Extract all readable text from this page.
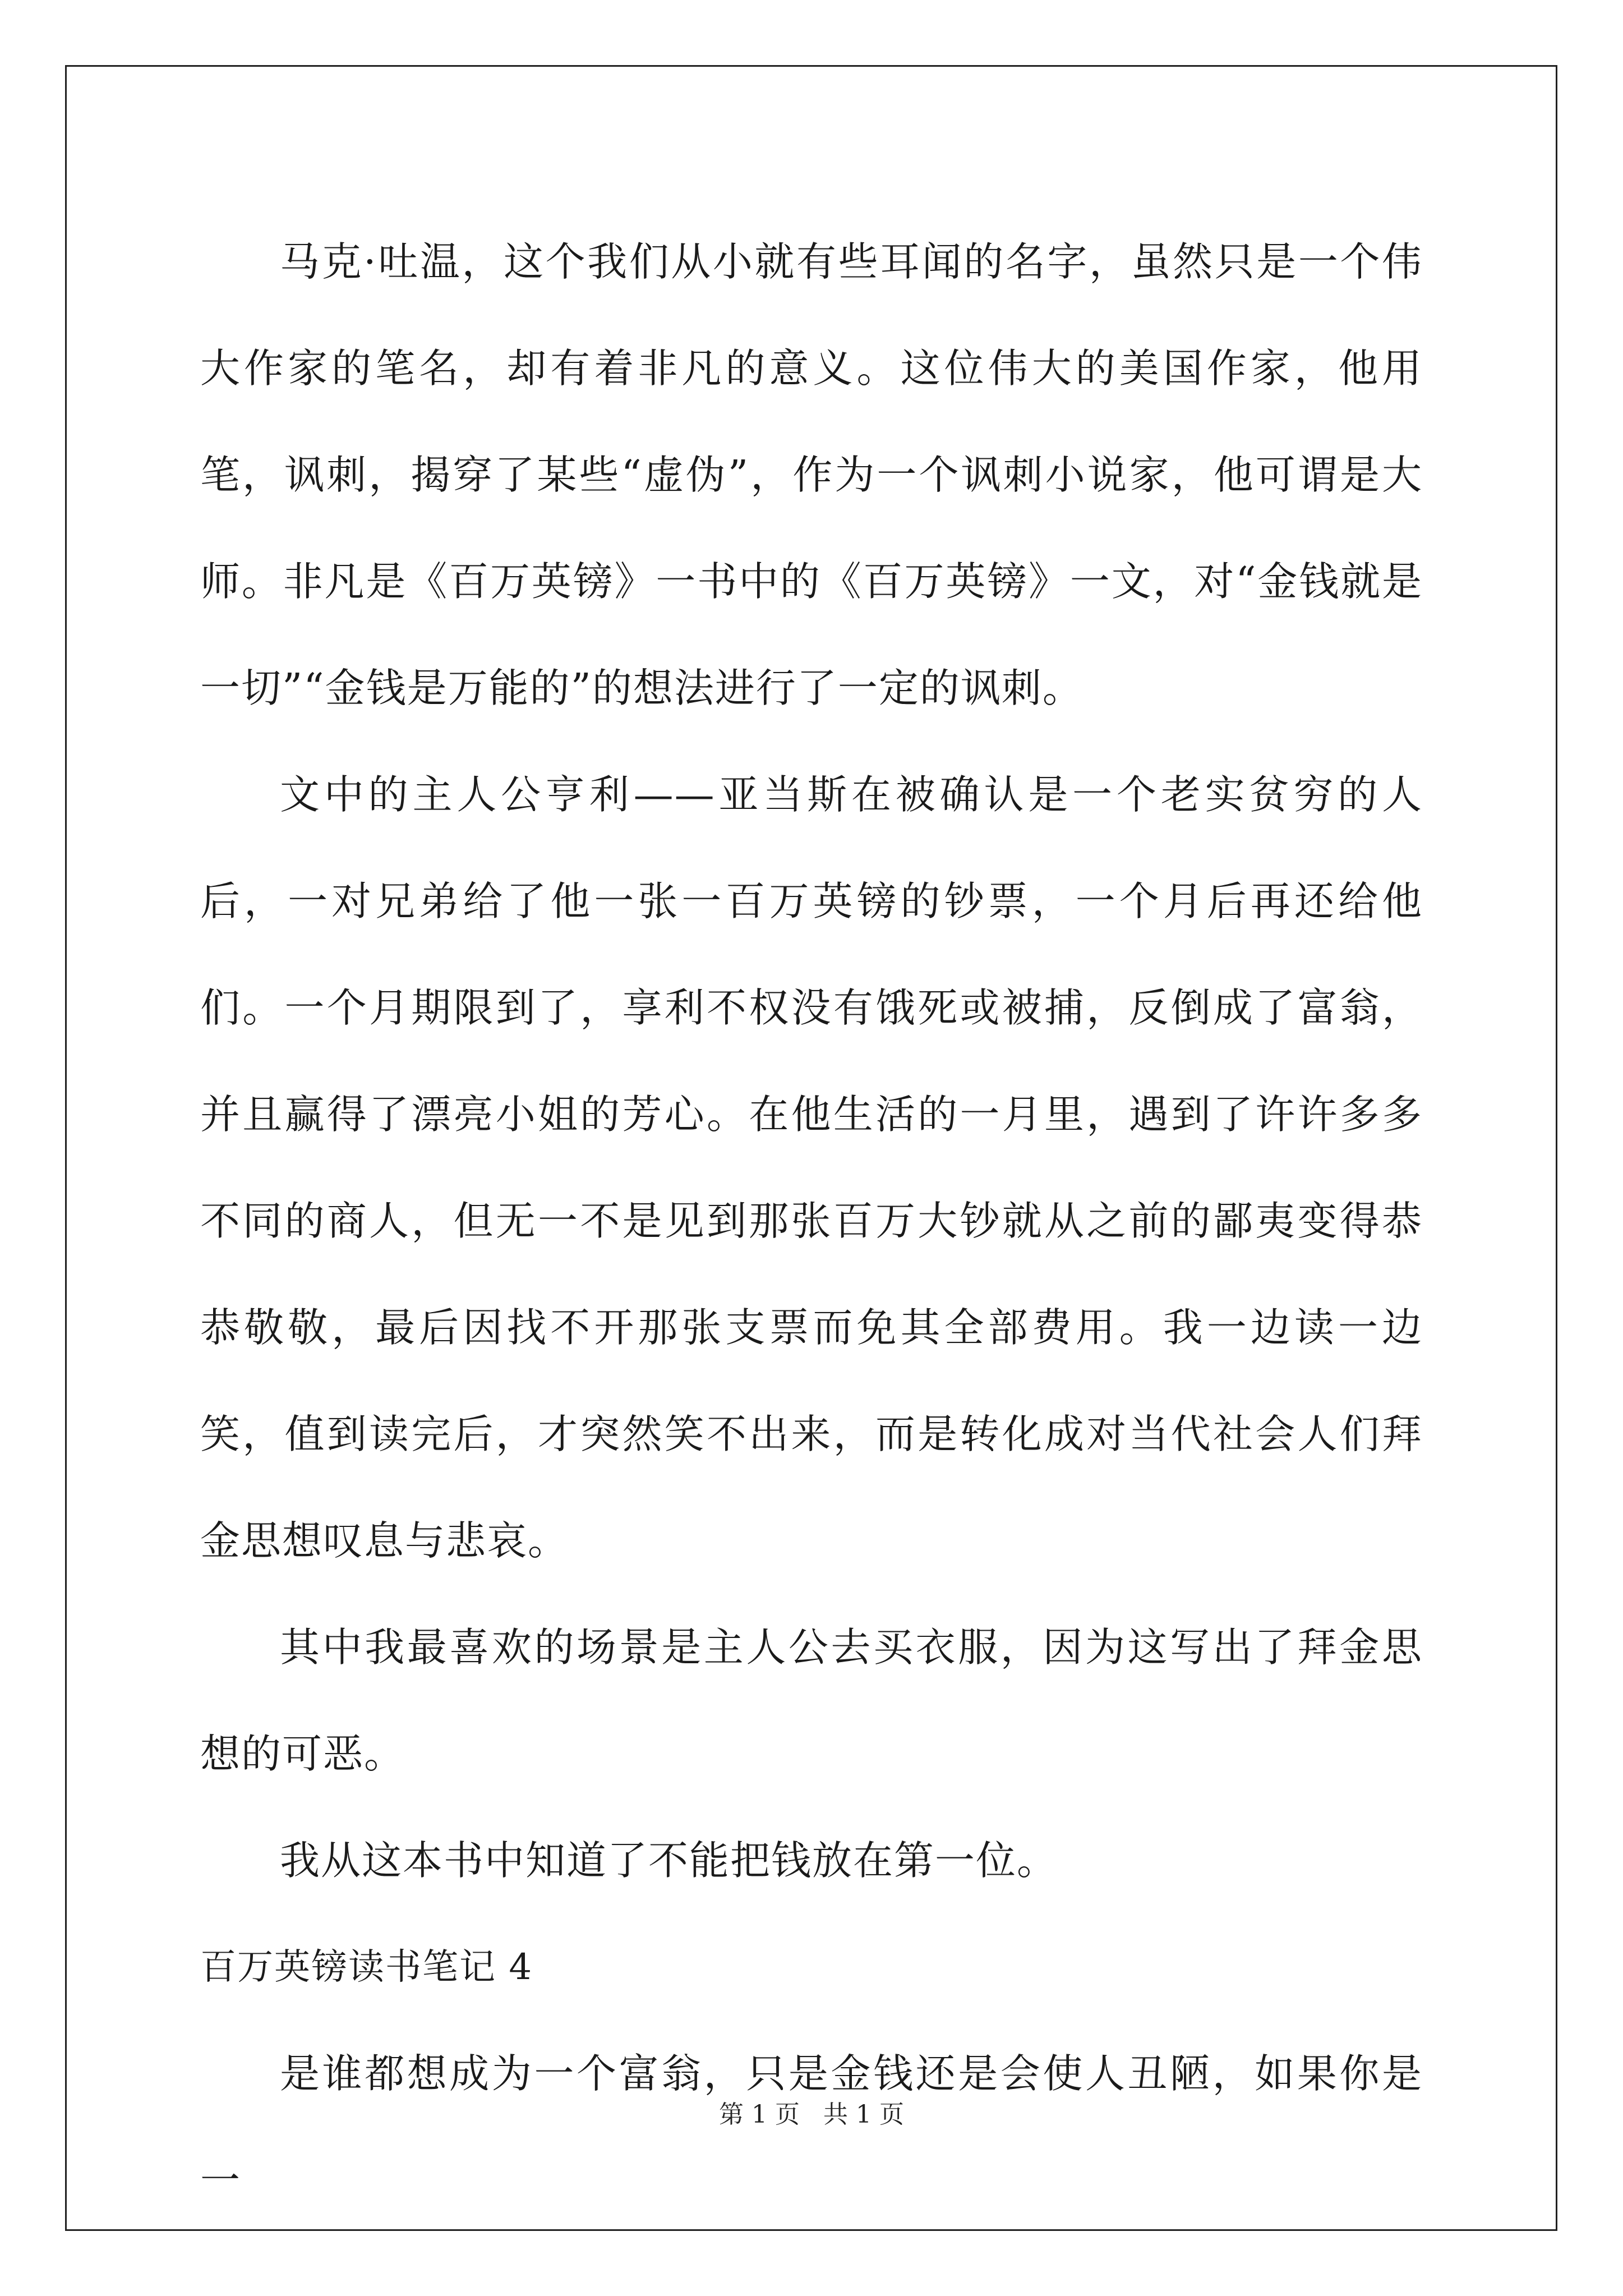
马克·吐温，这个我们从小就有些耳闻的名字，虽然只是一个伟大作家的笔名，却有着非凡的意义。这位伟大的美国作家，他用笔，讽刺，揭穿了某些“虚伪”，作为一个讽刺小说家，他可谓是大师。非凡是《百万英镑》一书中的《百万英镑》一文，对“金钱就是一切”“金钱是万能的”的想法进行了一定的讽刺。

文中的主人公亨利——亚当斯在被确认是一个老实贫穷的人后，一对兄弟给了他一张一百万英镑的钞票，一个月后再还给他们。一个月期限到了，享利不权没有饿死或被捕，反倒成了富翁，并且赢得了漂亮小姐的芳心。在他生活的一月里，遇到了许许多多不同的商人，但无一不是见到那张百万大钞就从之前的鄙夷变得恭恭敬敬，最后因找不开那张支票而免其全部费用。我一边读一边笑，值到读完后，才突然笑不出来，而是转化成对当代社会人们拜金思想叹息与悲哀。

其中我最喜欢的场景是主人公去买衣服，因为这写出了拜金思想的可恶。

我从这本书中知道了不能把钱放在第一位。

百万英镑读书笔记 4

是谁都想成为一个富翁，只是金钱还是会使人丑陋，如果你是一

第 1 页 共 1 页
